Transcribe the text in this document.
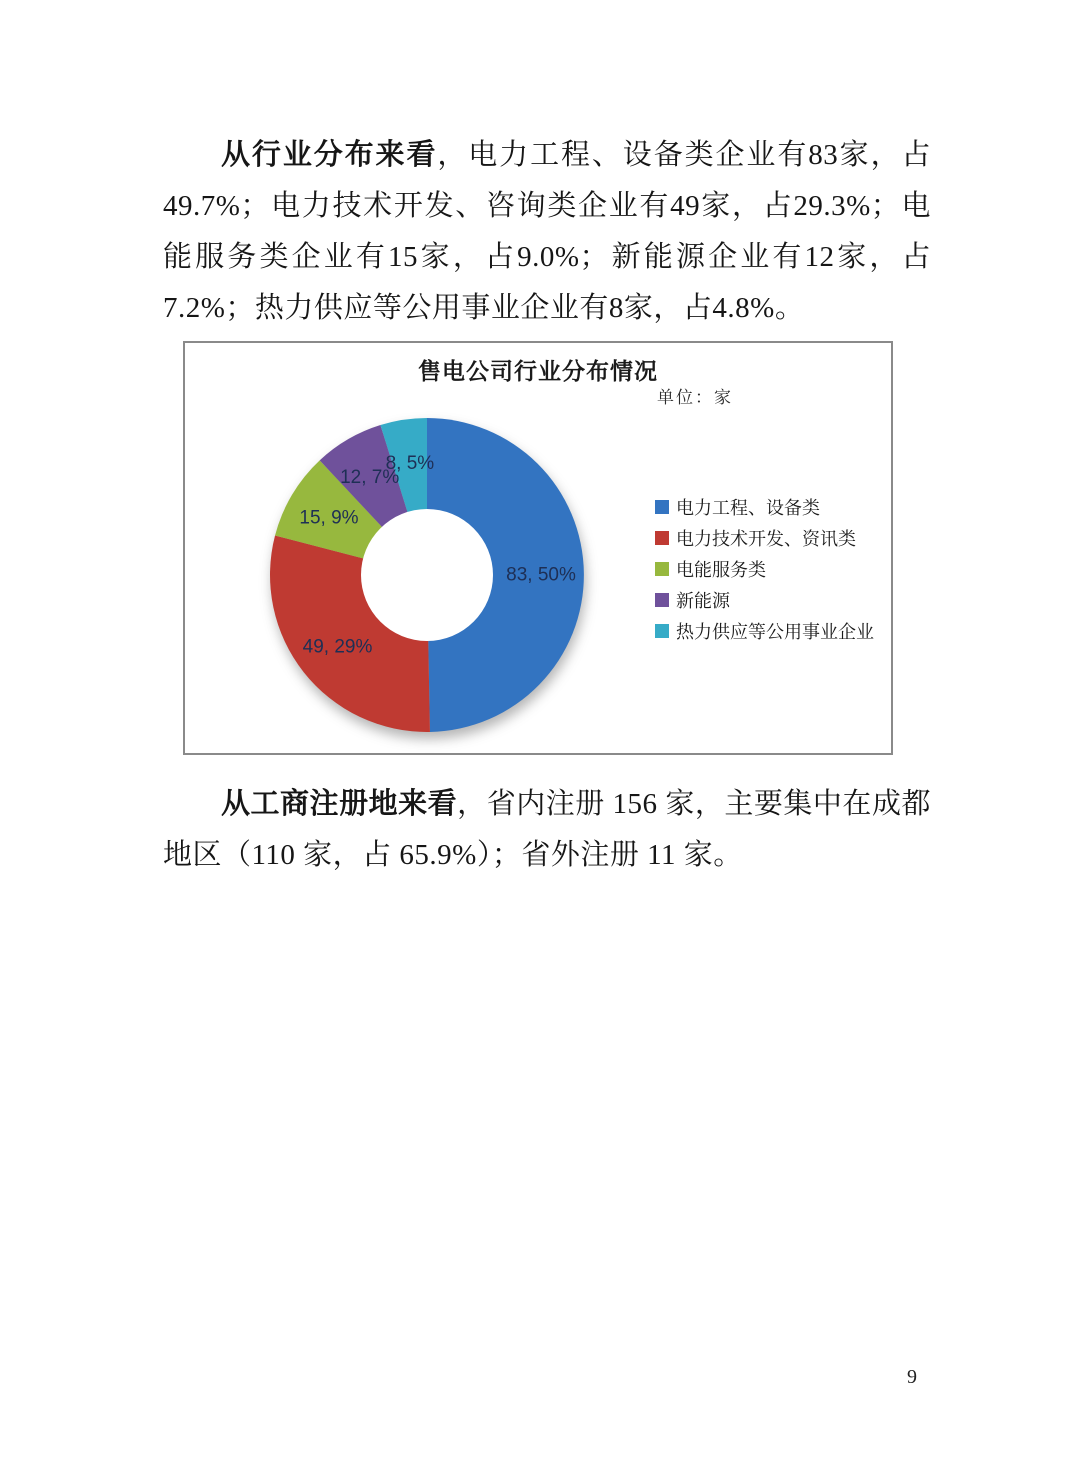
从行业分布来看，电力工程、设备类企业有83家，占49.7%；电力技术开发、咨询类企业有49家，占29.3%；电能服务类企业有15家，占9.0%；新能源企业有12家，占7.2%；热力供应等公用事业企业有8家，占4.8%。

售电公司行业分布情况
单位：家
83, 50%
49, 29%
15, 9%
12, 7%
8, 5%
电力工程、设备类
电力技术开发、资讯类
电能服务类
新能源
热力供应等公用事业企业

从工商注册地来看，省内注册 156 家，主要集中在成都地区（110 家，占 65.9%）；省外注册 11 家。

9
